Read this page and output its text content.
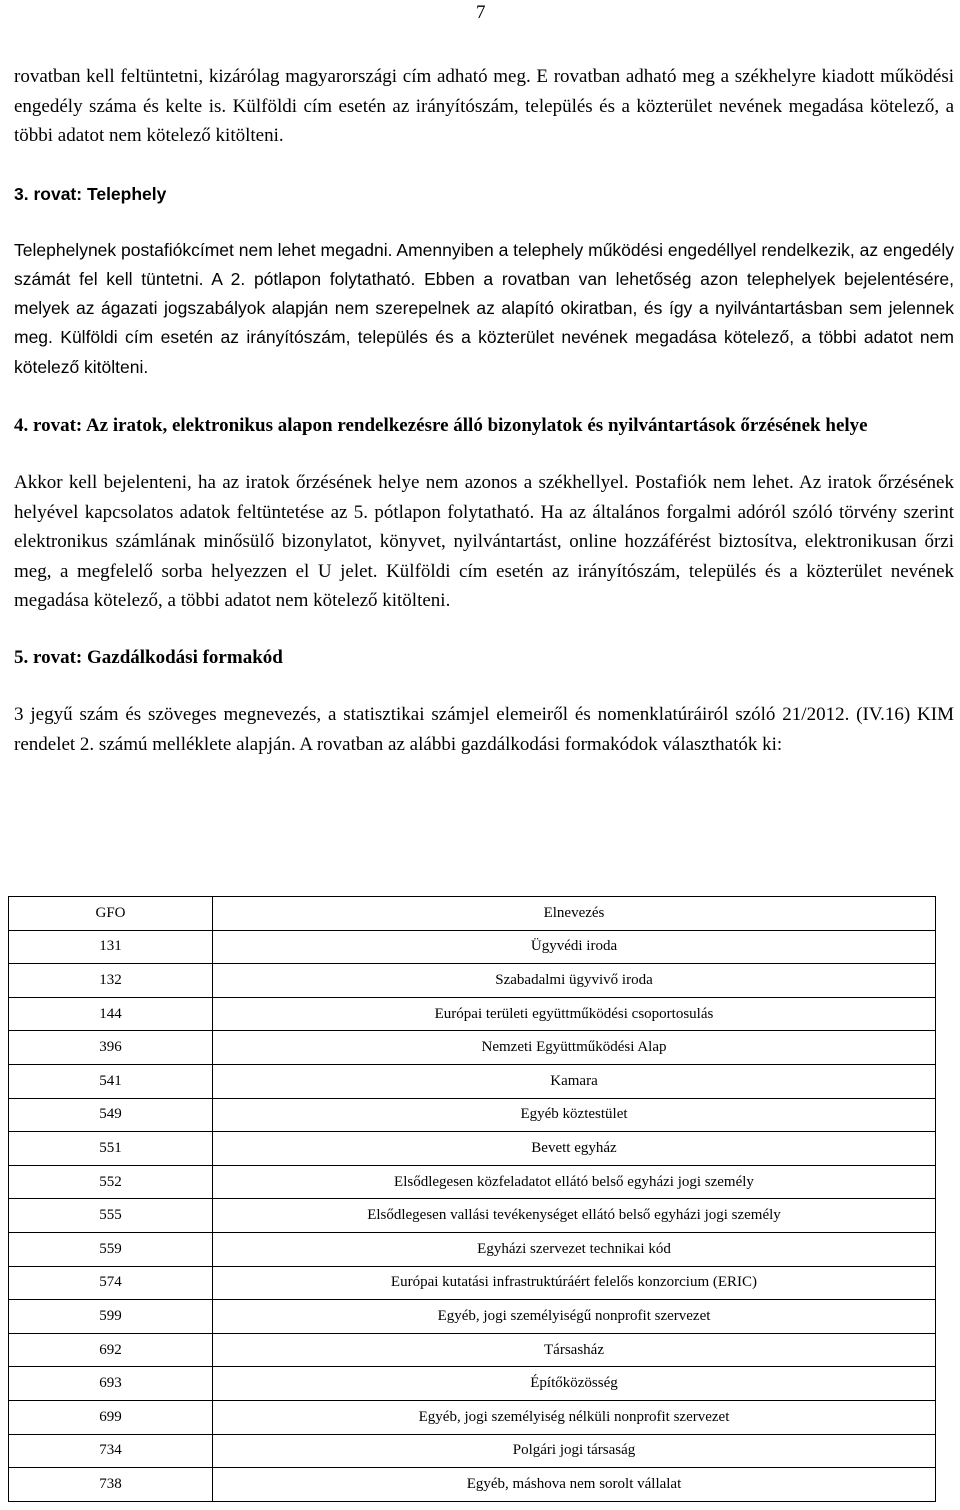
7

rovatban kell feltüntetni, kizárólag magyarországi cím adható meg. E rovatban adható meg a székhelyre kiadott működési engedély száma és kelte is. Külföldi cím esetén az irányítószám, település és a közterület nevének megadása kötelező, a többi adatot nem kötelező kitölteni.

3. rovat: Telephely

Telephelynek postafiókcímet nem lehet megadni. Amennyiben a telephely működési engedéllyel rendelkezik, az engedély számát fel kell tüntetni. A 2. pótlapon folytatható. Ebben a rovatban van lehetőség azon telephelyek bejelentésére, melyek az ágazati jogszabályok alapján nem szerepelnek az alapító okiratban, és így a nyilvántartásban sem jelennek meg. Külföldi cím esetén az irányítószám, település és a közterület nevének megadása kötelező, a többi adatot nem kötelező kitölteni.

4. rovat: Az iratok, elektronikus alapon rendelkezésre álló bizonylatok és nyilvántartások őrzésének helye

Akkor kell bejelenteni, ha az iratok őrzésének helye nem azonos a székhellyel. Postafiók nem lehet. Az iratok őrzésének helyével kapcsolatos adatok feltüntetése az 5. pótlapon folytatható. Ha az általános forgalmi adóról szóló törvény szerint elektronikus számlának minősülő bizonylatot, könyvet, nyilvántartást, online hozzáférést biztosítva, elektronikusan őrzi meg, a megfelelő sorba helyezzen el U jelet. Külföldi cím esetén az irányítószám, település és a közterület nevének megadása kötelező, a többi adatot nem kötelező kitölteni.

5. rovat: Gazdálkodási formakód

3 jegyű szám és szöveges megnevezés, a statisztikai számjel elemeiről és nomenklatúráiról szóló 21/2012. (IV.16) KIM rendelet 2. számú melléklete alapján. A rovatban az alábbi gazdálkodási formakódok választhatók ki:

GFO	Elnevezés
131	Ügyvédi iroda
132	Szabadalmi ügyvivő iroda
144	Európai területi együttműködési csoportosulás
396	Nemzeti Együttműködési Alap
541	Kamara
549	Egyéb köztestület
551	Bevett egyház
552	Elsődlegesen közfeladatot ellátó belső egyházi jogi személy
555	Elsődlegesen vallási tevékenységet ellátó belső egyházi jogi személy
559	Egyházi szervezet technikai kód
574	Európai kutatási infrastruktúráért felelős konzorcium (ERIC)
599	Egyéb, jogi személyiségű nonprofit szervezet
692	Társasház
693	Építőközösség
699	Egyéb, jogi személyiség nélküli nonprofit szervezet
734	Polgári jogi társaság
738	Egyéb, máshova nem sorolt vállalat
